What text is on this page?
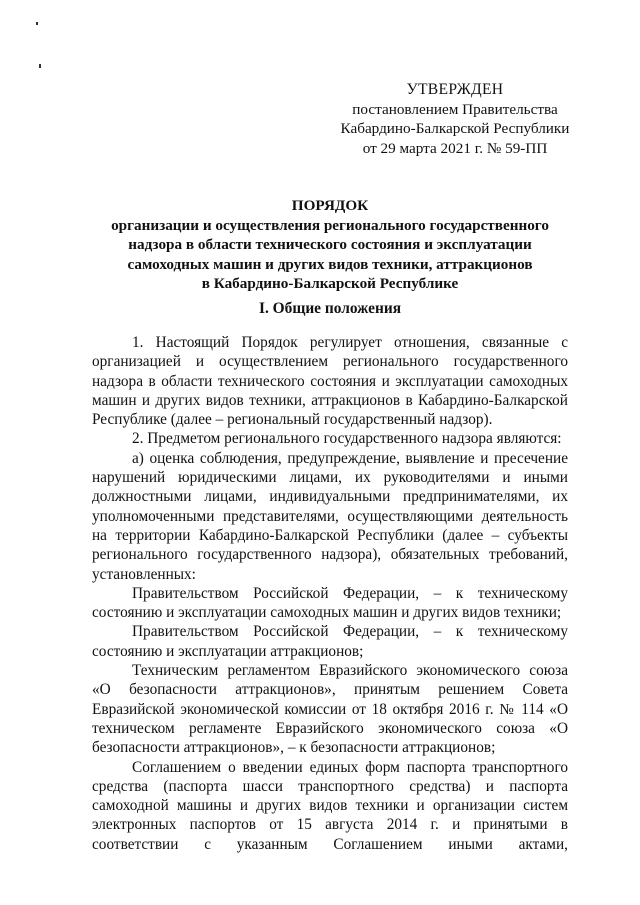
УТВЕРЖДЕН
постановлением Правительства
Кабардино-Балкарской Республики
от 29 марта 2021 г. № 59-ПП
ПОРЯДОК
организации и осуществления регионального государственного
надзора в области технического состояния и эксплуатации
самоходных машин и других видов техники, аттракционов
в Кабардино-Балкарской Республике
I. Общие положения

1. Настоящий Порядок регулирует отношения, связанные с организацией и осуществлением регионального государственного надзора в области технического состояния и эксплуатации самоходных машин и других видов техники, аттракционов в Кабардино-Балкарской Республике (далее – региональный государственный надзор).

2. Предметом регионального государственного надзора являются:

а) оценка соблюдения, предупреждение, выявление и пресечение нарушений юридическими лицами, их руководителями и иными должностными лицами, индивидуальными предпринимателями, их уполномоченными представителями, осуществляющими деятельность на территории Кабардино-Балкарской Республики (далее – субъекты регионального государственного надзора), обязательных требований, установленных:

Правительством Российской Федерации, – к техническому состоянию и эксплуатации самоходных машин и других видов техники;

Правительством Российской Федерации, – к техническому состоянию и эксплуатации аттракционов;

Техническим регламентом Евразийского экономического союза «О безопасности аттракционов», принятым решением Совета Евразийской экономической комиссии от 18 октября 2016 г. № 114 «О техническом регламенте Евразийского экономического союза «О безопасности аттракционов», – к безопасности аттракционов;

Соглашением о введении единых форм паспорта транспортного средства (паспорта шасси транспортного средства) и паспорта самоходной машины и других видов техники и организации систем электронных паспортов от 15 августа 2014 г. и принятыми в соответствии с указанным Соглашением иными актами,
